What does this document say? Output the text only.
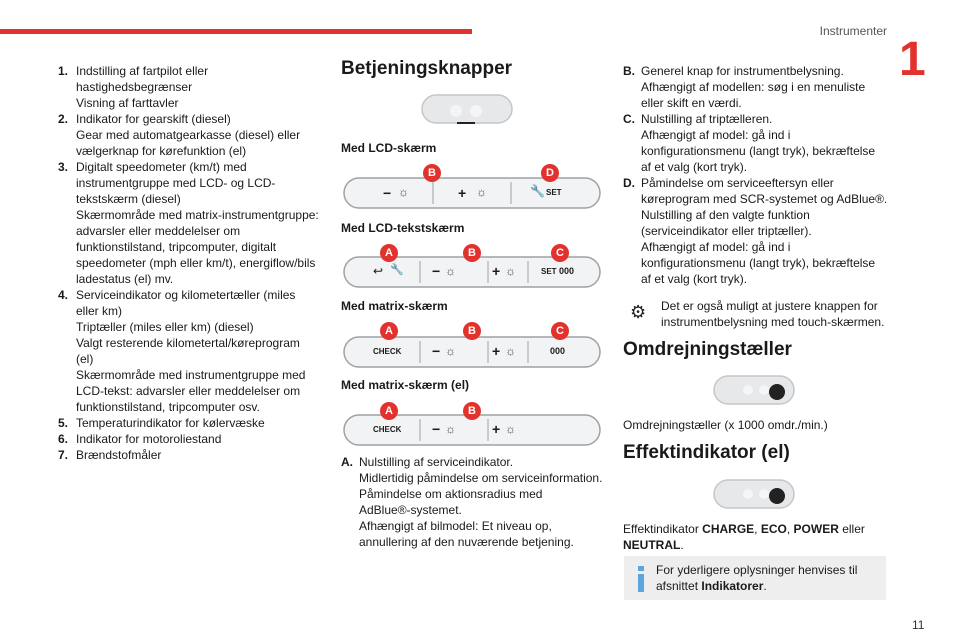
Instrumenter
1
11
1. Indstilling af fartpilot eller
hastighedsbegrænser
Visning af farttavler
2. Indikator for gearskift (diesel)
Gear med automatgearkasse (diesel) eller
vælgerknap for kørefunktion (el)
3. Digitalt speedometer (km/t) med
instrumentgruppe med LCD- og LCD-
tekstskærm (diesel)
Skærmområde med matrix-instrumentgruppe:
advarsler eller meddelelser om
funktionstilstand, tripcomputer, digitalt
speedometer (mph eller km/t), energiflow/bils
ladestatus (el) mv.
4. Serviceindikator og kilometertæller (miles
eller km)
Triptæller (miles eller km) (diesel)
Valgt resterende kilometertal/køreprogram
(el)
Skærmområde med instrumentgruppe med
LCD-tekst: advarsler eller meddelelser om
funktionstilstand, tripcomputer osv.
5. Temperaturindikator for kølervæske
6. Indikator for motoroliestand
7. Brændstofmåler
Betjeningsknapper
Med LCD-skærm
− ☼	+ ☼	🔧 SET
B	D
Med LCD-tekstskærm
↩ 🔧 − ☼	+ ☼	SET 000
A	B	C
Med matrix-skærm
CHECK − ☼	+ ☼	000
A	B	C
Med matrix-skærm (el)
CHECK − ☼	+ ☼
A	B
A. Nulstilling af serviceindikator.
Midlertidig påmindelse om serviceinformation.
Påmindelse om aktionsradius med
AdBlue®-systemet.
Afhængigt af bilmodel: Et niveau op,
annullering af den nuværende betjening.
B. Generel knap for instrumentbelysning.
Afhængigt af modellen: søg i en menuliste
eller skift en værdi.
C. Nulstilling af triptælleren.
Afhængigt af model: gå ind i
konfigurationsmenu (langt tryk), bekræftelse
af et valg (kort tryk).
D. Påmindelse om serviceeftersyn eller
køreprogram med SCR-systemet og AdBlue®.
Nulstilling af den valgte funktion
(serviceindikator eller triptæller).
Afhængigt af model: gå ind i
konfigurationsmenu (langt tryk), bekræftelse
af et valg (kort tryk).
⚙ Det er også muligt at justere knappen for
instrumentbelysning med touch-skærmen.
Omdrejningstæller
Omdrejningstæller (x 1000 omdr./min.)
Effektindikator (el)
Effektindikator CHARGE, ECO, POWER eller
NEUTRAL.
For yderligere oplysninger henvises til
afsnittet Indikatorer.
